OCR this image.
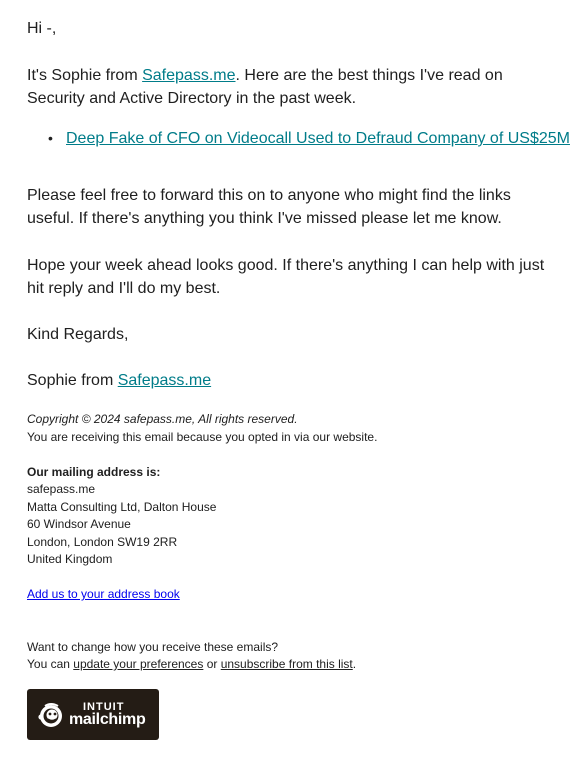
Hi -,

It's Sophie from Safepass.me. Here are the best things I've read on Security and Active Directory in the past week.

• Deep Fake of CFO on Videocall Used to Defraud Company of US$25M

Please feel free to forward this on to anyone who might find the links useful. If there's anything you think I've missed please let me know.

Hope your week ahead looks good. If there's anything I can help with just hit reply and I'll do my best.

Kind Regards,

Sophie from Safepass.me

Copyright © 2024 safepass.me, All rights reserved.
You are receiving this email because you opted in via our website.
Our mailing address is:
safepass.me
Matta Consulting Ltd, Dalton House
60 Windsor Avenue
London, London SW19 2RR
United Kingdom
Add us to your address book
Want to change how you receive these emails?
You can update your preferences or unsubscribe from this list.
INTUIT
mailchimp
